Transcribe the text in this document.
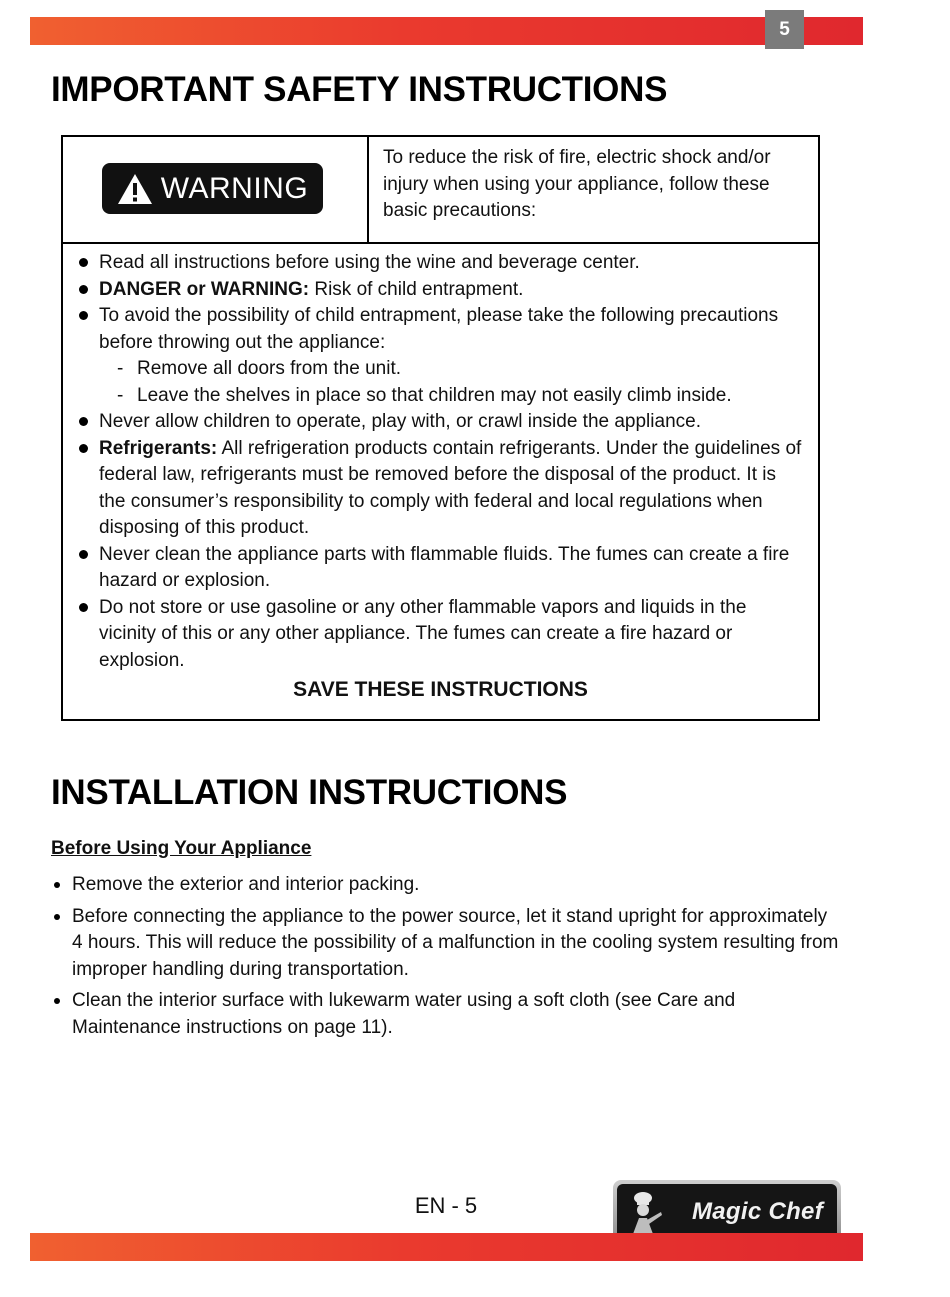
5
IMPORTANT SAFETY INSTRUCTIONS
WARNING
To reduce the risk of fire, electric shock and/or injury when using your appliance, follow these basic precautions:
Read all instructions before using the wine and beverage center.
DANGER or WARNING: Risk of child entrapment.
To avoid the possibility of child entrapment, please take the following precautions before throwing out the appliance:
- Remove all doors from the unit.
- Leave the shelves in place so that children may not easily climb inside.
Never allow children to operate, play with, or crawl inside the appliance.
Refrigerants: All refrigeration products contain refrigerants. Under the guidelines of federal law, refrigerants must be removed before the disposal of the product. It is the consumer’s responsibility to comply with federal and local regulations when disposing of this product.
Never clean the appliance parts with flammable fluids. The fumes can create a fire hazard or explosion.
Do not store or use gasoline or any other flammable vapors and liquids in the vicinity of this or any other appliance. The fumes can create a fire hazard or explosion.
SAVE THESE INSTRUCTIONS
INSTALLATION INSTRUCTIONS
Before Using Your Appliance
Remove the exterior and interior packing.
Before connecting the appliance to the power source, let it stand upright for approximately 4 hours. This will reduce the possibility of a malfunction in the cooling system resulting from improper handling during transportation.
Clean the interior surface with lukewarm water using a soft cloth (see Care and Maintenance instructions on page 11).
EN - 5	Magic Chef
